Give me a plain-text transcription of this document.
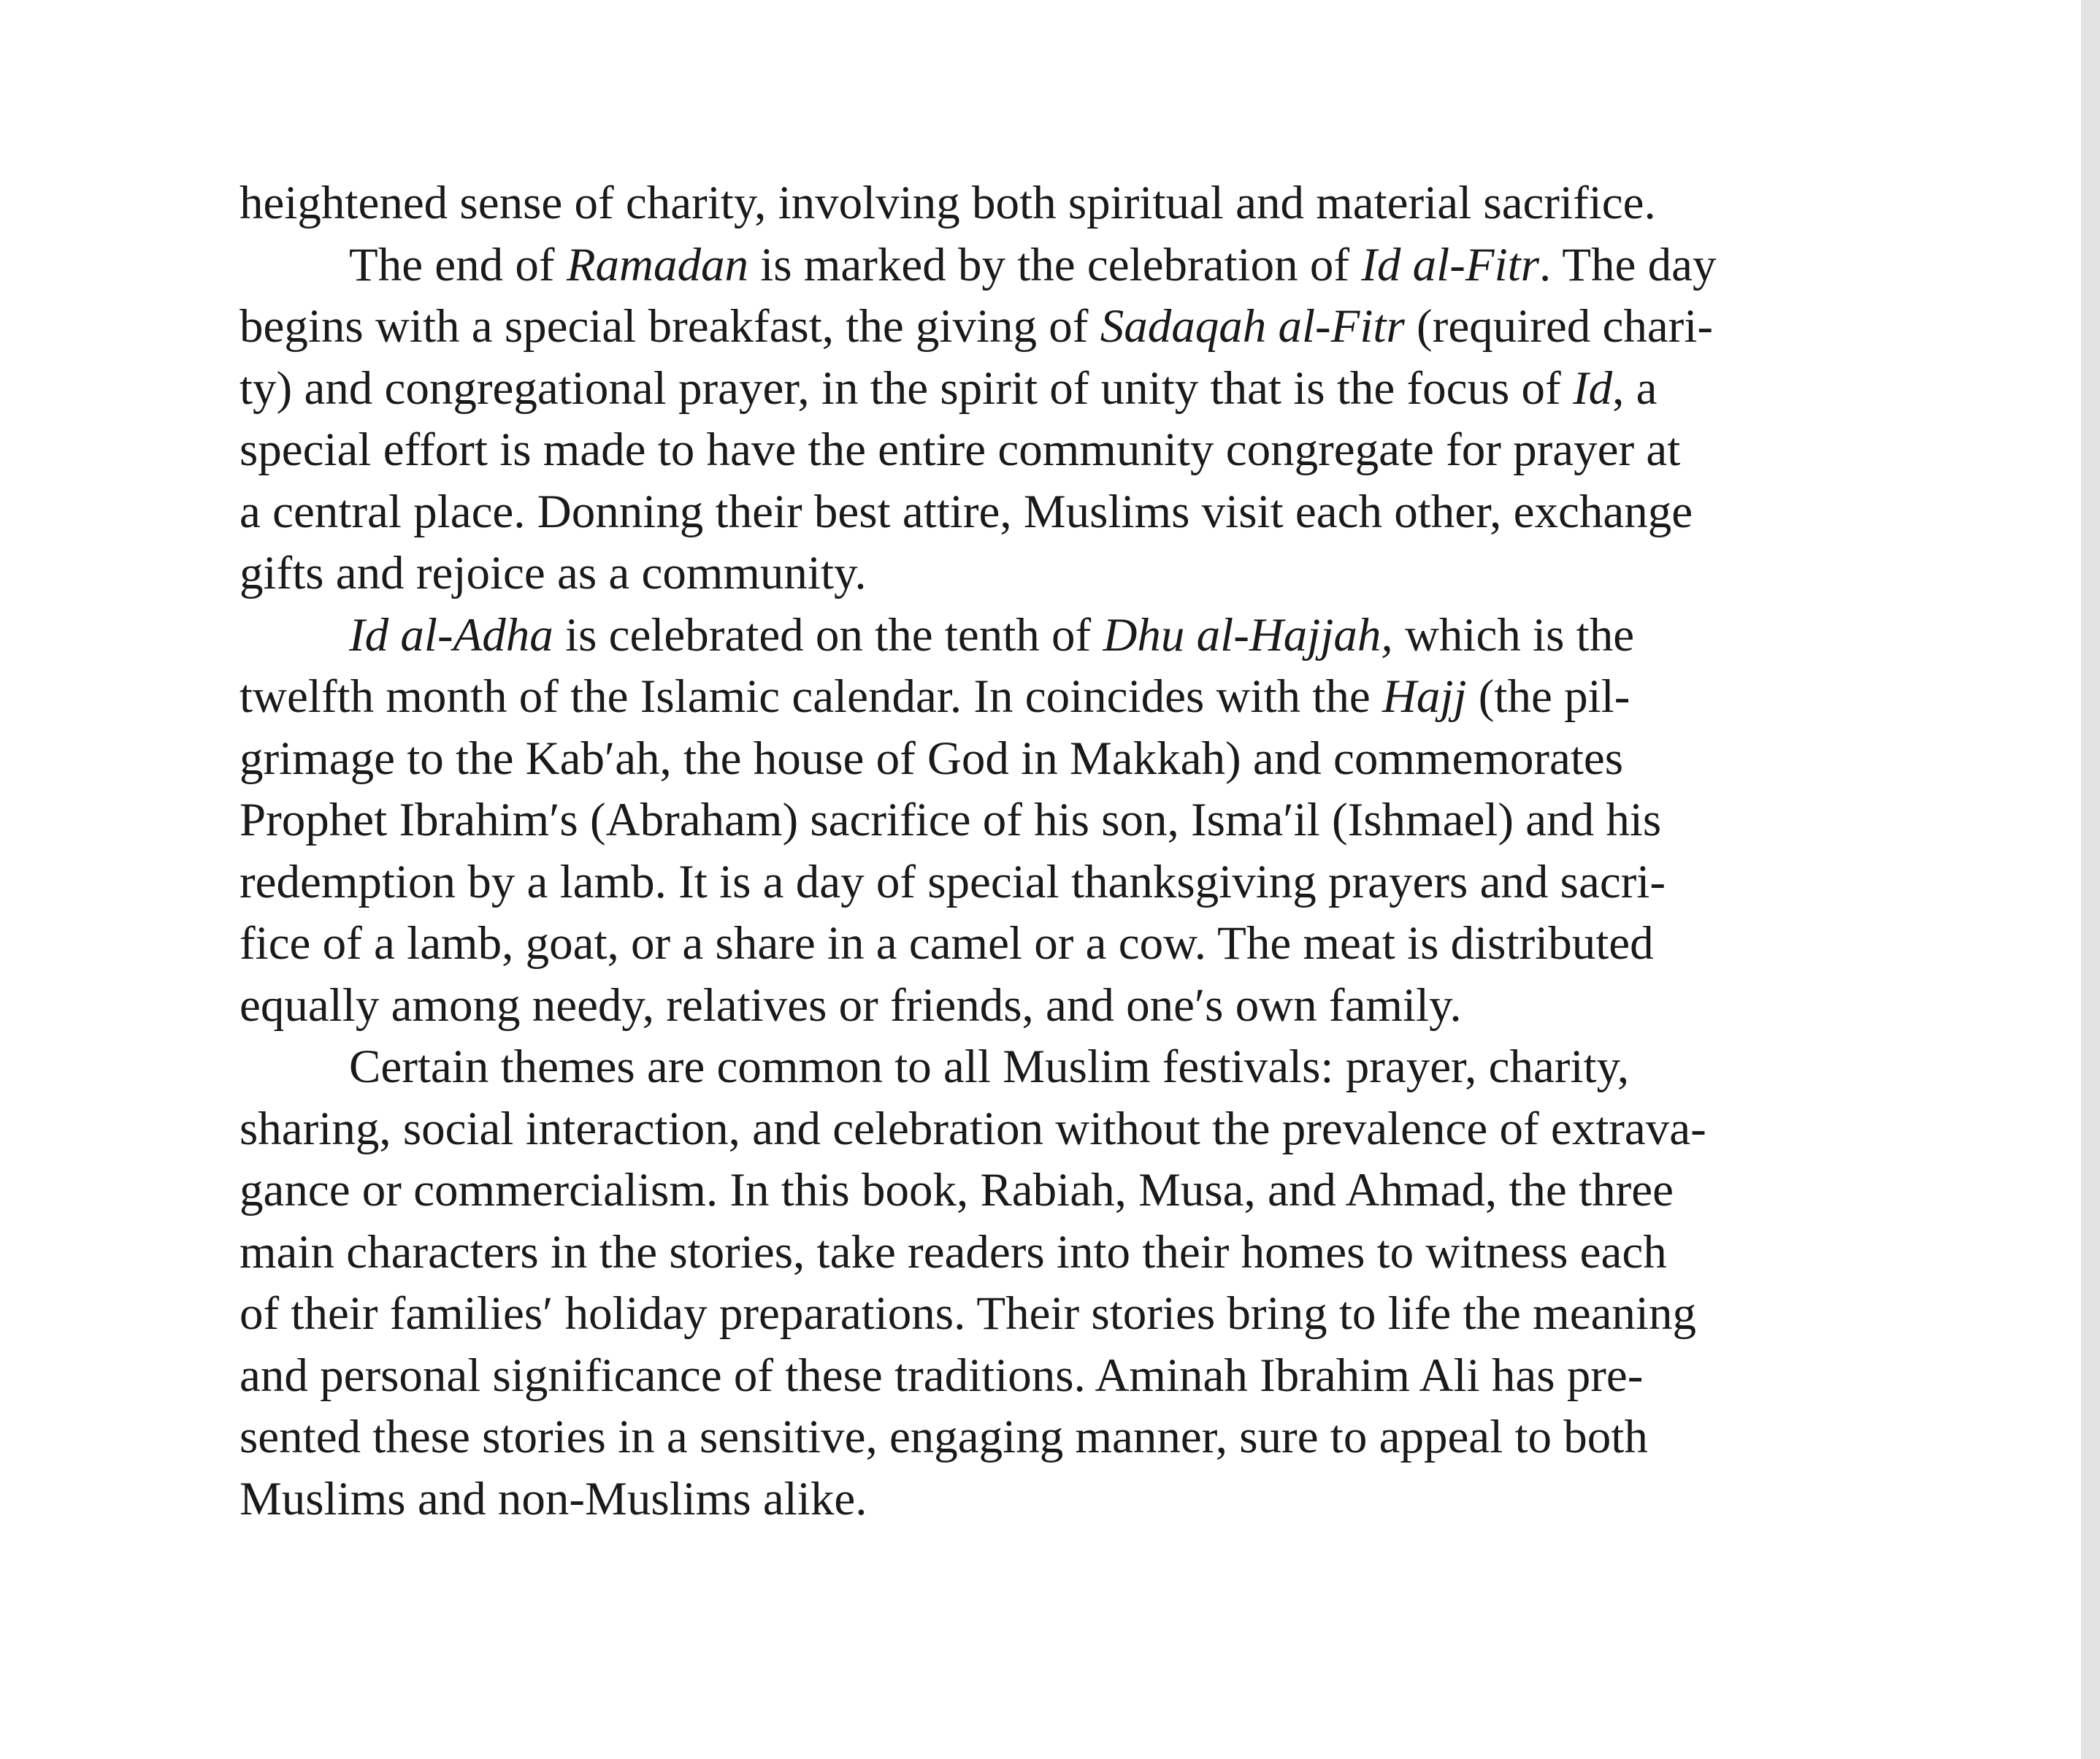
heightened sense of charity, involving both spiritual and material sacrifice.
The end of Ramadan is marked by the celebration of Id al-Fitr. The day
begins with a special breakfast, the giving of Sadaqah al-Fitr (required chari-
ty) and congregational prayer, in the spirit of unity that is the focus of Id, a
special effort is made to have the entire community congregate for prayer at
a central place. Donning their best attire, Muslims visit each other, exchange
gifts and rejoice as a community.
Id al-Adha is celebrated on the tenth of Dhu al-Hajjah, which is the
twelfth month of the Islamic calendar. In coincides with the Hajj (the pil-
grimage to the Kab′ah, the house of God in Makkah) and commemorates
Prophet Ibrahim′s (Abraham) sacrifice of his son, Isma′il (Ishmael) and his
redemption by a lamb. It is a day of special thanksgiving prayers and sacri-
fice of a lamb, goat, or a share in a camel or a cow. The meat is distributed
equally among needy, relatives or friends, and one′s own family.
Certain themes are common to all Muslim festivals: prayer, charity,
sharing, social interaction, and celebration without the prevalence of extrava-
gance or commercialism. In this book, Rabiah, Musa, and Ahmad, the three
main characters in the stories, take readers into their homes to witness each
of their families′ holiday preparations. Their stories bring to life the meaning
and personal significance of these traditions. Aminah Ibrahim Ali has pre-
sented these stories in a sensitive, engaging manner, sure to appeal to both
Muslims and non-Muslims alike.
